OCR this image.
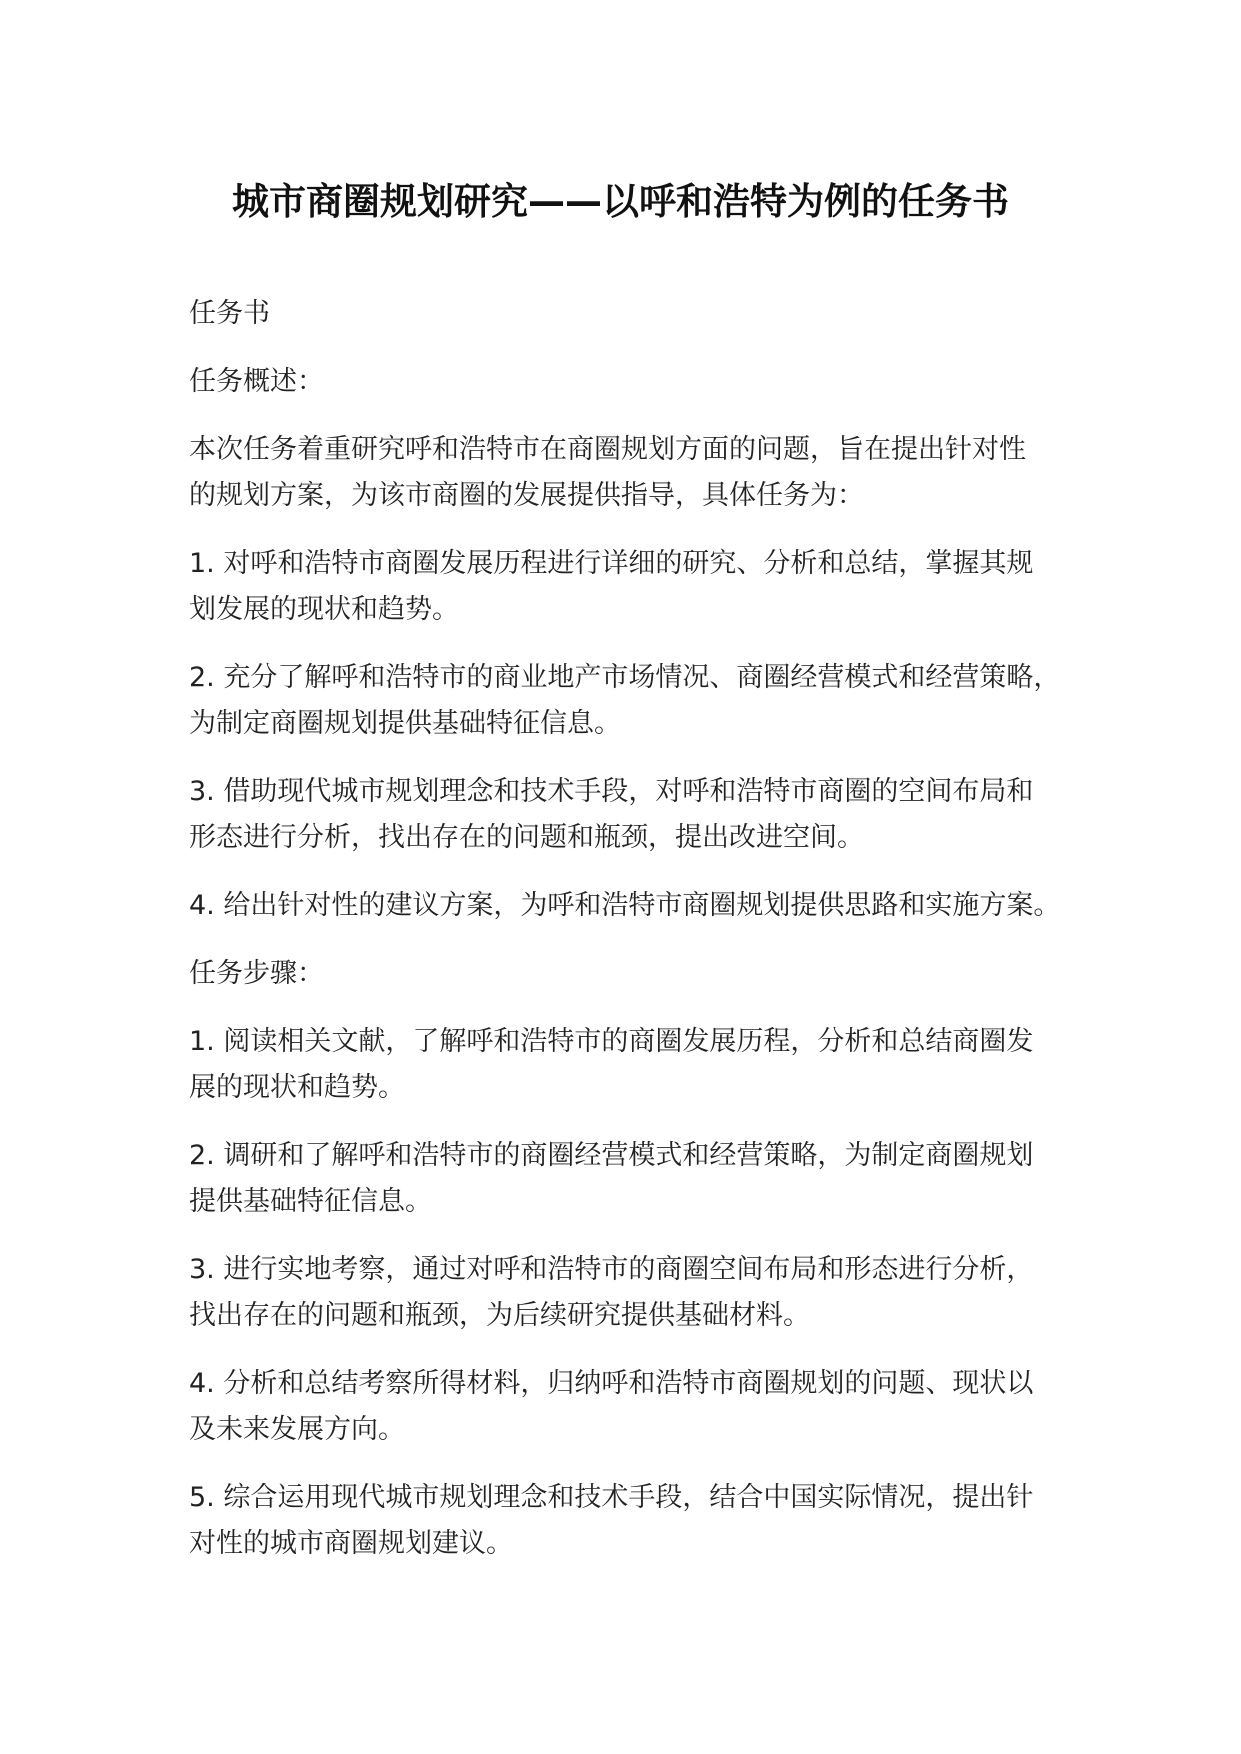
城市商圈规划研究——以呼和浩特为例的任务书
任务书
任务概述：
本次任务着重研究呼和浩特市在商圈规划方面的问题，旨在提出针对性
的规划方案，为该市商圈的发展提供指导，具体任务为：
1. 对呼和浩特市商圈发展历程进行详细的研究、分析和总结，掌握其规
划发展的现状和趋势。
2. 充分了解呼和浩特市的商业地产市场情况、商圈经营模式和经营策略，
为制定商圈规划提供基础特征信息。
3. 借助现代城市规划理念和技术手段，对呼和浩特市商圈的空间布局和
形态进行分析，找出存在的问题和瓶颈，提出改进空间。
4. 给出针对性的建议方案，为呼和浩特市商圈规划提供思路和实施方案。
任务步骤：
1. 阅读相关文献，了解呼和浩特市的商圈发展历程，分析和总结商圈发
展的现状和趋势。
2. 调研和了解呼和浩特市的商圈经营模式和经营策略，为制定商圈规划
提供基础特征信息。
3. 进行实地考察，通过对呼和浩特市的商圈空间布局和形态进行分析，
找出存在的问题和瓶颈，为后续研究提供基础材料。
4. 分析和总结考察所得材料，归纳呼和浩特市商圈规划的问题、现状以
及未来发展方向。
5. 综合运用现代城市规划理念和技术手段，结合中国实际情况，提出针
对性的城市商圈规划建议。
